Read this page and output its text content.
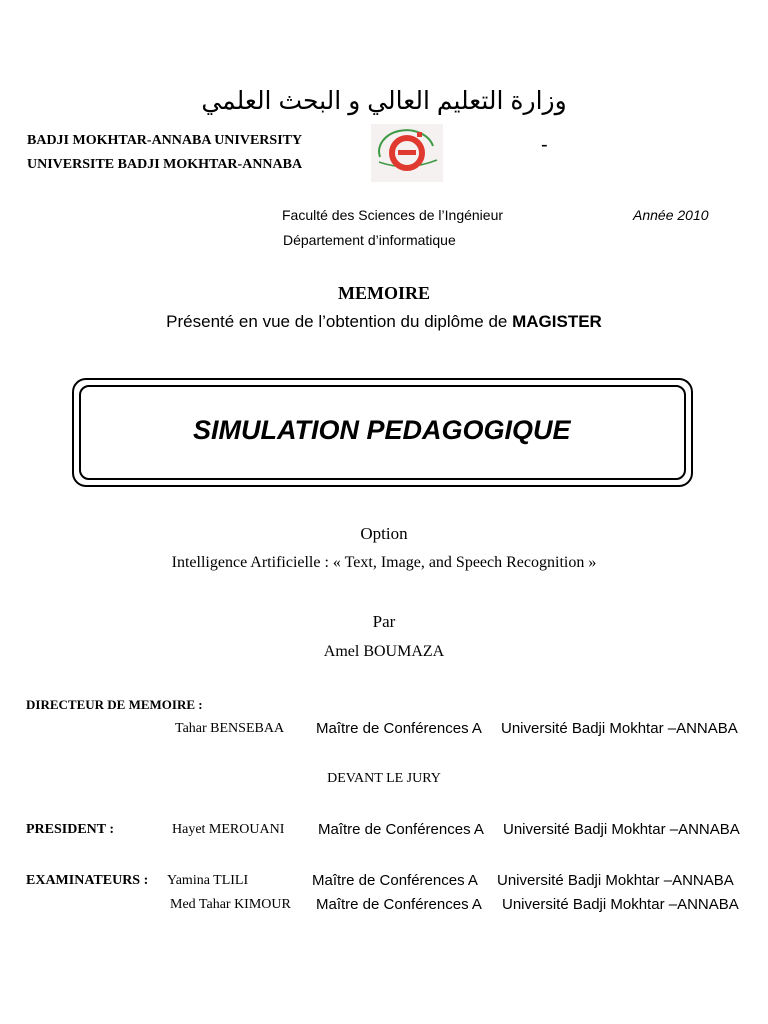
وزارة التعليم العالي و البحث العلمي
BADJI MOKHTAR-ANNABA UNIVERSITY
UNIVERSITE BADJI MOKHTAR-ANNABA
-
Faculté des Sciences de l’Ingénieur	Année 2010
Département d’informatique
MEMOIRE
Présenté en vue de l’obtention du diplôme de MAGISTER
SIMULATION PEDAGOGIQUE
Option
Intelligence Artificielle : « Text, Image, and Speech Recognition »
Par
Amel BOUMAZA
DIRECTEUR DE MEMOIRE :
Tahar BENSEBAA Maître de Conférences A Université Badji Mokhtar –ANNABA
DEVANT LE JURY
PRESIDENT :	Hayet MEROUANI Maître de Conférences A Université Badji Mokhtar –ANNABA
EXAMINATEURS : Yamina TLILI	Maître de Conférences A Université Badji Mokhtar –ANNABA
Med Tahar KIMOUR Maître de Conférences A Université Badji Mokhtar –ANNABA
